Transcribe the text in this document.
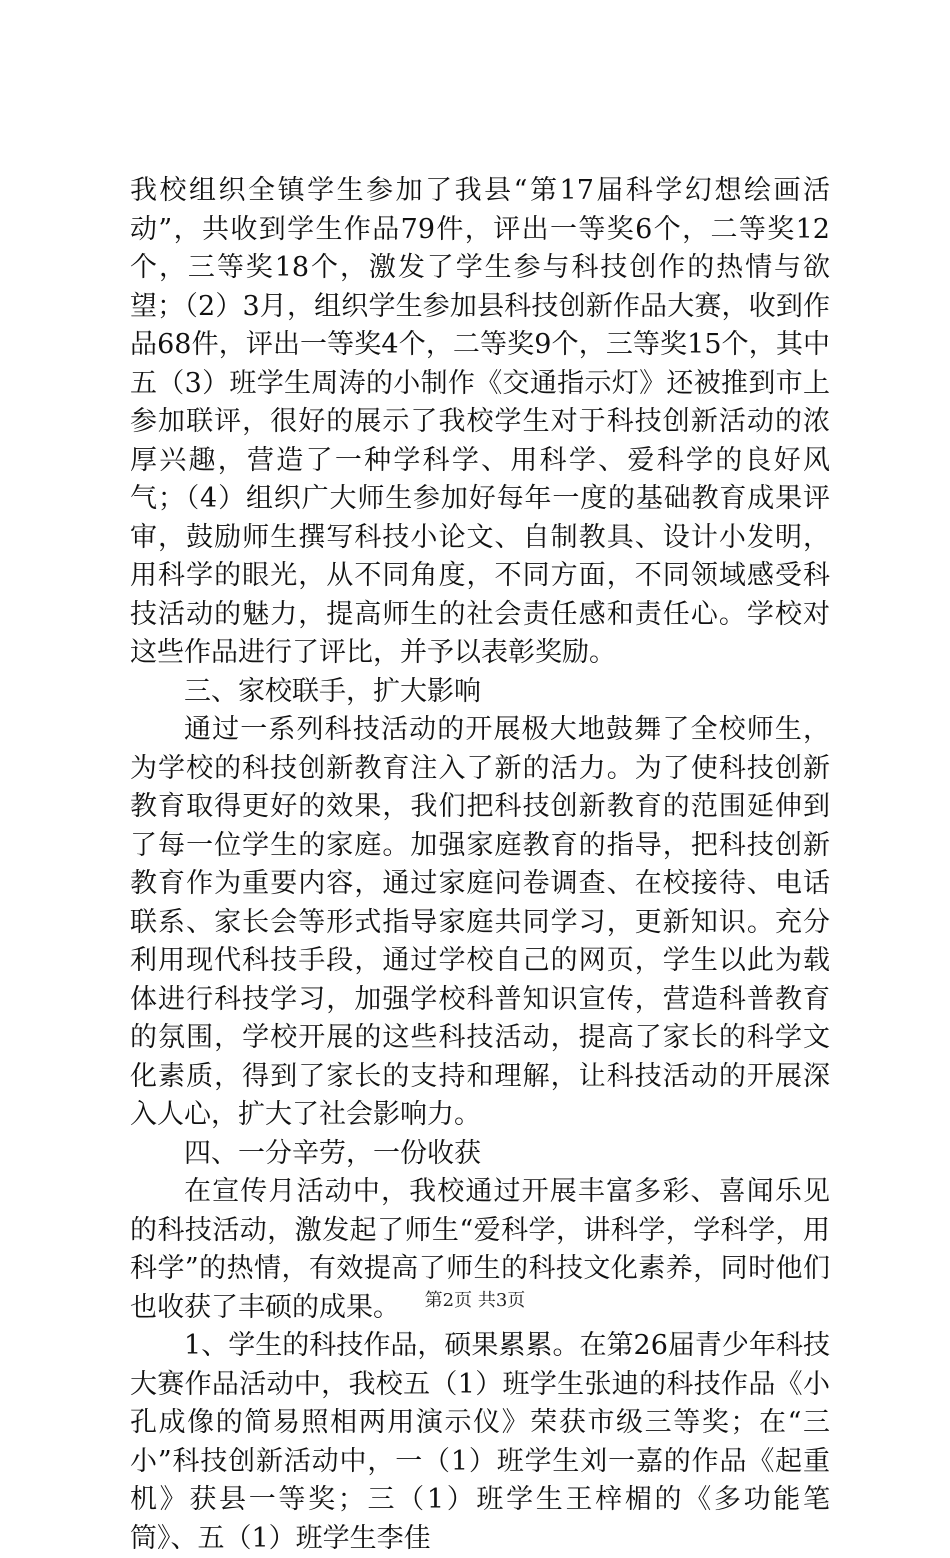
我校组织全镇学生参加了我县“第17届科学幻想绘画活动”，共收到学生作品79件，评出一等奖6个，二等奖12个，三等奖18个，激发了学生参与科技创作的热情与欲望；（2）3月，组织学生参加县科技创新作品大赛，收到作品68件，评出一等奖4个，二等奖9个，三等奖15个，其中五（3）班学生周涛的小制作《交通指示灯》还被推到市上参加联评，很好的展示了我校学生对于科技创新活动的浓厚兴趣，营造了一种学科学、用科学、爱科学的良好风气；（4）组织广大师生参加好每年一度的基础教育成果评审，鼓励师生撰写科技小论文、自制教具、设计小发明，用科学的眼光，从不同角度，不同方面，不同领域感受科技活动的魅力，提高师生的社会责任感和责任心。学校对这些作品进行了评比，并予以表彰奖励。

三、家校联手，扩大影响

通过一系列科技活动的开展极大地鼓舞了全校师生，为学校的科技创新教育注入了新的活力。为了使科技创新教育取得更好的效果，我们把科技创新教育的范围延伸到了每一位学生的家庭。加强家庭教育的指导，把科技创新教育作为重要内容，通过家庭问卷调查、在校接待、电话联系、家长会等形式指导家庭共同学习，更新知识。充分利用现代科技手段，通过学校自己的网页，学生以此为载体进行科技学习，加强学校科普知识宣传，营造科普教育的氛围，学校开展的这些科技活动，提高了家长的科学文化素质，得到了家长的支持和理解，让科技活动的开展深入人心，扩大了社会影响力。

四、一分辛劳，一份收获

在宣传月活动中，我校通过开展丰富多彩、喜闻乐见的科技活动，激发起了师生“爱科学，讲科学，学科学，用科学”的热情，有效提高了师生的科技文化素养，同时他们也收获了丰硕的成果。

1、学生的科技作品，硕果累累。在第26届青少年科技大赛作品活动中，我校五（1）班学生张迪的科技作品《小孔成像的简易照相两用演示仪》荣获市级三等奖；在“三小”科技创新活动中，一（1）班学生刘一嘉的作品《起重机》获县一等奖；三（1）班学生王梓楣的《多功能笔筒》、五（1）班学生李佳

第2页 共3页
